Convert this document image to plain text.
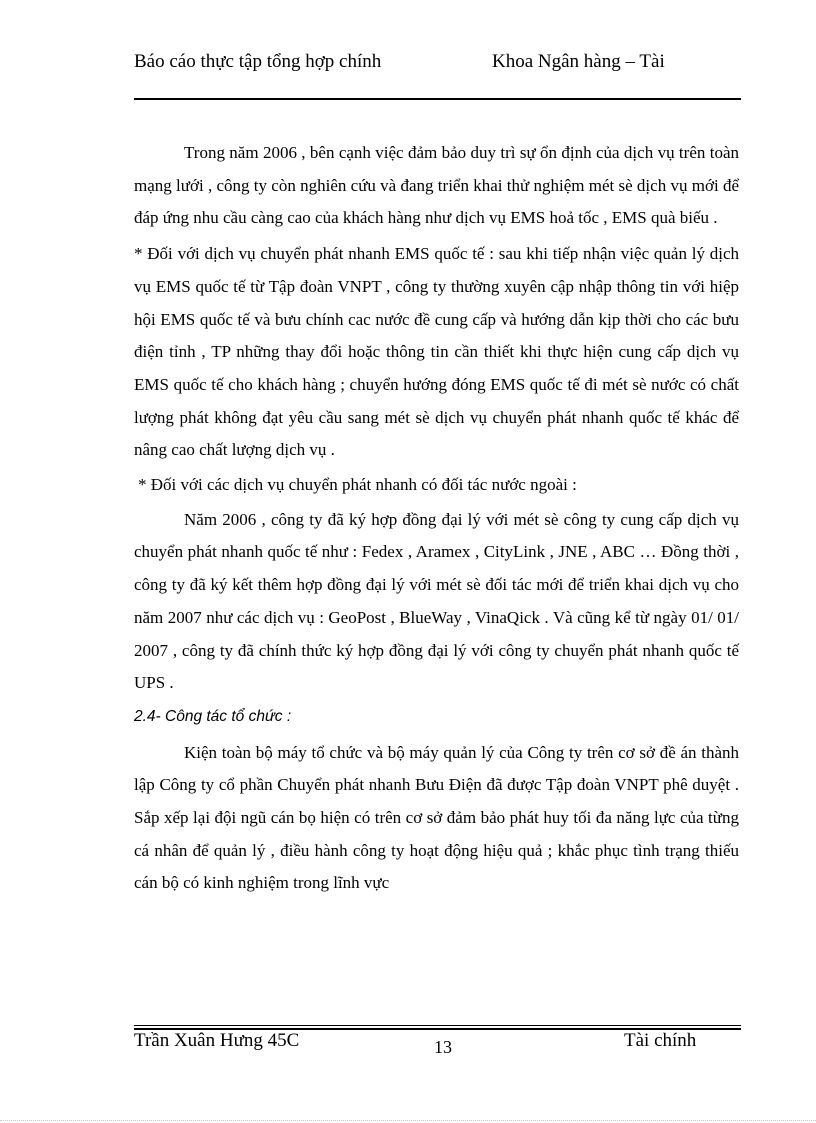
Báo cáo thực tập tổng hợp chính	Khoa Ngân hàng – Tài

Trong năm 2006 , bên cạnh việc đảm bảo duy trì sự ổn định của dịch vụ trên toàn mạng lưới , công ty còn nghiên cứu và đang triển khai thử nghiệm mét sè dịch vụ mới để đáp ứng nhu cầu càng cao của khách hàng như dịch vụ EMS hoả tốc , EMS quà biếu .

* Đối với dịch vụ chuyển phát nhanh EMS quốc tế : sau khi tiếp nhận việc quản lý dịch vụ EMS quốc tế từ Tập đoàn VNPT , công ty thường xuyên cập nhập thông tin với hiệp hội EMS quốc tế và bưu chính cac nước đề cung cấp và hướng dẫn kịp thời cho các bưu điện tỉnh , TP những thay đổi hoặc thông tin cần thiết khi thực hiện cung cấp dịch vụ EMS quốc tế cho khách hàng ; chuyển hướng đóng EMS quốc tế đi mét sè nước có chất lượng phát không đạt yêu cầu sang mét sè dịch vụ chuyển phát nhanh quốc tế khác để nâng cao chất lượng dịch vụ .

* Đối với các dịch vụ chuyển phát nhanh có đối tác nước ngoài :

Năm 2006 , công ty đã ký hợp đồng đại lý với mét sè công ty cung cấp dịch vụ chuyển phát nhanh quốc tế như : Fedex , Aramex , CityLink , JNE , ABC … Đồng thời , công ty đã ký kết thêm hợp đồng đại lý với mét sè đối tác mới để triển khai dịch vụ cho năm 2007 như các dịch vụ : GeoPost , BlueWay , VinaQick . Và cũng kể từ ngày 01/ 01/ 2007 , công ty đã chính thức ký hợp đồng đại lý với công ty chuyển phát nhanh quốc tế UPS .

2.4- Công tác tổ chức :

Kiện toàn bộ máy tổ chức và bộ máy quản lý của Công ty trên cơ sở đề án thành lập Công ty cổ phần Chuyển phát nhanh Bưu Điện đã được Tập đoàn VNPT phê duyệt . Sắp xếp lại đội ngũ cán bọ hiện có trên cơ sở đảm bảo phát huy tối đa năng lực của từng cá nhân để quản lý , điều hành công ty hoạt động hiệu quả ; khắc phục tình trạng thiếu cán bộ có kinh nghiệm trong lĩnh vực

Trần Xuân Hưng 45C	13	Tài chính
